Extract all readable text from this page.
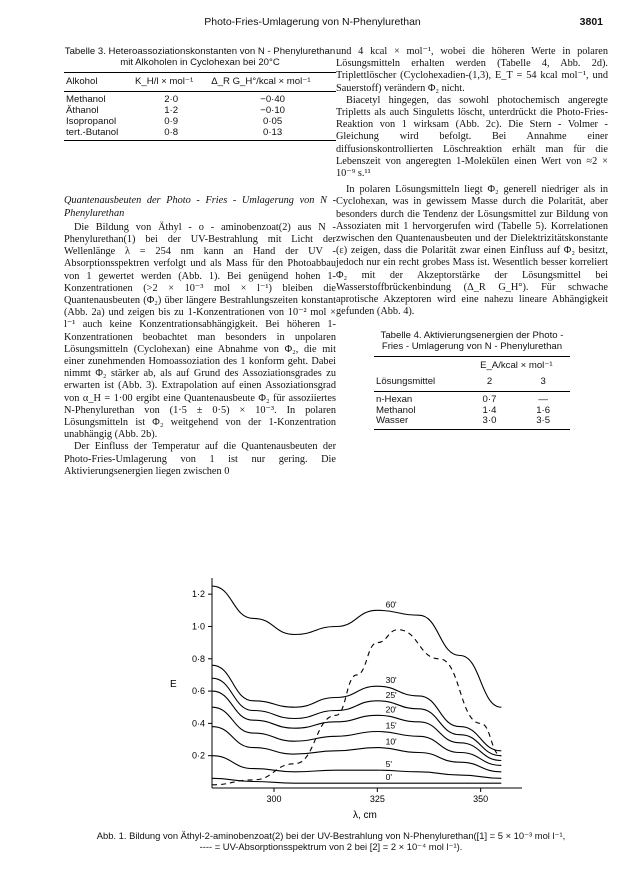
Photo-Fries-Umlagerung von N-Phenylurethan	3801
Tabelle 3. Heteroassoziationskonstanten von N - Phenylurethan mit Alkoholen in Cyclohexan bei 20°C
Alkohol	K_H/l × mol⁻¹	Δ_R G_H°/kcal × mol⁻¹
Methanol	2·0	−0·40
Äthanol	1·2	−0·10
Isopropanol	0·9	0·05
tert.-Butanol	0·8	0·13
Quantenausbeuten der Photo - Fries - Umlagerung von N - Phenylurethan

Die Bildung von Äthyl - o - aminobenzoat(2) aus N - Phenylurethan(1) bei der UV-Bestrahlung mit Licht der Wellenlänge λ = 254 nm kann an Hand der UV - Absorptionsspektren verfolgt und als Mass für den Photoabbau von 1 gewertet werden (Abb. 1). Bei genügend hohen 1-Konzentrationen (>2 × 10⁻³ mol × l⁻¹) bleiben die Quantenausbeuten (Φ₂) über längere Bestrahlungszeiten konstant (Abb. 2a) und zeigen bis zu 1-Konzentrationen von 10⁻² mol × l⁻¹ auch keine Konzentrationsabhängigkeit. Bei höheren 1-Konzentrationen beobachtet man besonders in unpolaren Lösungsmitteln (Cyclohexan) eine Abnahme von Φ₂, die mit einer zunehmenden Homoassoziation des 1 konform geht. Dabei nimmt Φ₂ stärker ab, als auf Grund des Assoziationsgrades zu erwarten ist (Abb. 3). Extrapolation auf einen Assoziationsgrad von α_H = 1·00 ergibt eine Quantenausbeute Φ₂ für assoziiertes N-Phenylurethan von (1·5 ± 0·5) × 10⁻³. In polaren Lösungsmitteln ist Φ₂ weitgehend von der 1-Konzentration unabhängig (Abb. 2b).

Der Einfluss der Temperatur auf die Quantenausbeuten der Photo-Fries-Umlagerung von 1 ist nur gering. Die Aktivierungsenergien liegen zwischen 0

und 4 kcal × mol⁻¹, wobei die höheren Werte in polaren Lösungsmitteln erhalten werden (Tabelle 4, Abb. 2d). Triplettlöscher (Cyclohexadien-(1,3), E_T = 54 kcal mol⁻¹, und Sauerstoff) verändern Φ₂ nicht.

Biacetyl hingegen, das sowohl photochemisch angeregte Tripletts als auch Singuletts löscht, unterdrückt die Photo-Fries-Reaktion von 1 wirksam (Abb. 2c). Die Stern - Volmer - Gleichung wird befolgt. Bei Annahme einer diffusionskontrollierten Löschreaktion erhält man für die Lebenszeit von angeregten 1-Molekülen einen Wert von ≈2 × 10⁻⁹ s.¹¹

In polaren Lösungsmitteln liegt Φ₂ generell niedriger als in Cyclohexan, was in gewissem Masse durch die Polarität, aber besonders durch die Tendenz der Lösungsmittel zur Bildung von Assoziaten mit 1 hervorgerufen wird (Tabelle 5). Korrelationen zwischen den Quantenausbeuten und der Dielektrizitätskonstante (ε) zeigen, dass die Polarität zwar einen Einfluss auf Φ₂ besitzt, jedoch nur ein recht grobes Mass ist. Wesentlich besser korreliert Φ₂ mit der Akzeptorstärke der Lösungsmittel bei Wasserstoffbrückenbindung (Δ_R G_H°). Für schwache aprotische Akzeptoren wird eine nahezu lineare Abhängigkeit gefunden (Abb. 4).

Tabelle 4. Aktivierungsenergien der Photo - Fries - Umlagerung von N - Phenylurethan
	E_A/kcal × mol⁻¹	
Lösungsmittel	2	3
n-Hexan	0·7	—
Methanol	1·4	1·6
Wasser	3·0	3·5
1·2
1·0
0·8
0·6
0·4
0·2
300	325	350
E
λ, cm
0'
5'
10'
15'
20'
25'
30'
60'
Abb. 1. Bildung von Äthyl-2-aminobenzoat(2) bei der UV-Bestrahlung von N-Phenylurethan([1] = 5 × 10⁻³ mol l⁻¹, ---- = UV-Absorptionsspektrum von 2 bei [2] = 2 × 10⁻⁴ mol l⁻¹).
